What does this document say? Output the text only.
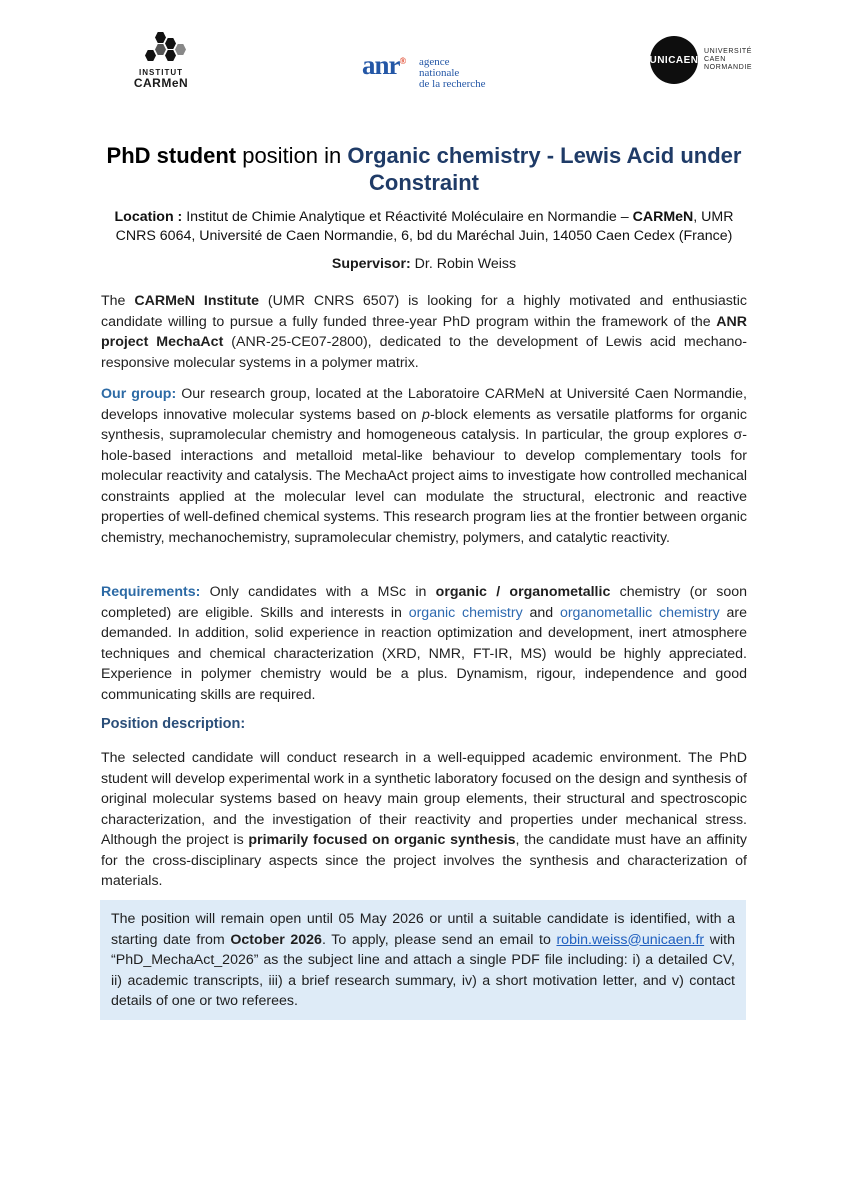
INSTITUT
CARMeN
anr® agence nationale
de la recherche
UNICAEN
UNIVERSITÉ
CAEN
NORMANDIE
PhD student position in Organic chemistry - Lewis Acid under Constraint
Location : Institut de Chimie Analytique et Réactivité Moléculaire en Normandie – CARMeN, UMR CNRS 6064, Université de Caen Normandie, 6, bd du Maréchal Juin, 14050 Caen Cedex (France)
Supervisor: Dr. Robin Weiss
The CARMeN Institute (UMR CNRS 6507) is looking for a highly motivated and enthusiastic candidate willing to pursue a fully funded three-year PhD program within the framework of the ANR project MechaAct (ANR-25-CE07-2800), dedicated to the development of Lewis acid mechano-responsive molecular systems in a polymer matrix.
Our group: Our research group, located at the Laboratoire CARMeN at Université Caen Normandie, develops innovative molecular systems based on p-block elements as versatile platforms for organic synthesis, supramolecular chemistry and homogeneous catalysis. In particular, the group explores σ-hole-based interactions and metalloid metal-like behaviour to develop complementary tools for molecular reactivity and catalysis. The MechaAct project aims to investigate how controlled mechanical constraints applied at the molecular level can modulate the structural, electronic and reactive properties of well-defined chemical systems. This research program lies at the frontier between organic chemistry, mechanochemistry, supramolecular chemistry, polymers, and catalytic reactivity.
Requirements: Only candidates with a MSc in organic / organometallic chemistry (or soon completed) are eligible. Skills and interests in organic chemistry and organometallic chemistry are demanded. In addition, solid experience in reaction optimization and development, inert atmosphere techniques and chemical characterization (XRD, NMR, FT-IR, MS) would be highly appreciated. Experience in polymer chemistry would be a plus. Dynamism, rigour, independence and good communicating skills are required.
Position description:
The selected candidate will conduct research in a well-equipped academic environment. The PhD student will develop experimental work in a synthetic laboratory focused on the design and synthesis of original molecular systems based on heavy main group elements, their structural and spectroscopic characterization, and the investigation of their reactivity and properties under mechanical stress. Although the project is primarily focused on organic synthesis, the candidate must have an affinity for the cross-disciplinary aspects since the project involves the synthesis and characterization of materials.
The position will remain open until 05 May 2026 or until a suitable candidate is identified, with a starting date from October 2026. To apply, please send an email to robin.weiss@unicaen.fr with “PhD_MechaAct_2026” as the subject line and attach a single PDF file including: i) a detailed CV, ii) academic transcripts, iii) a brief research summary, iv) a short motivation letter, and v) contact details of one or two referees.
